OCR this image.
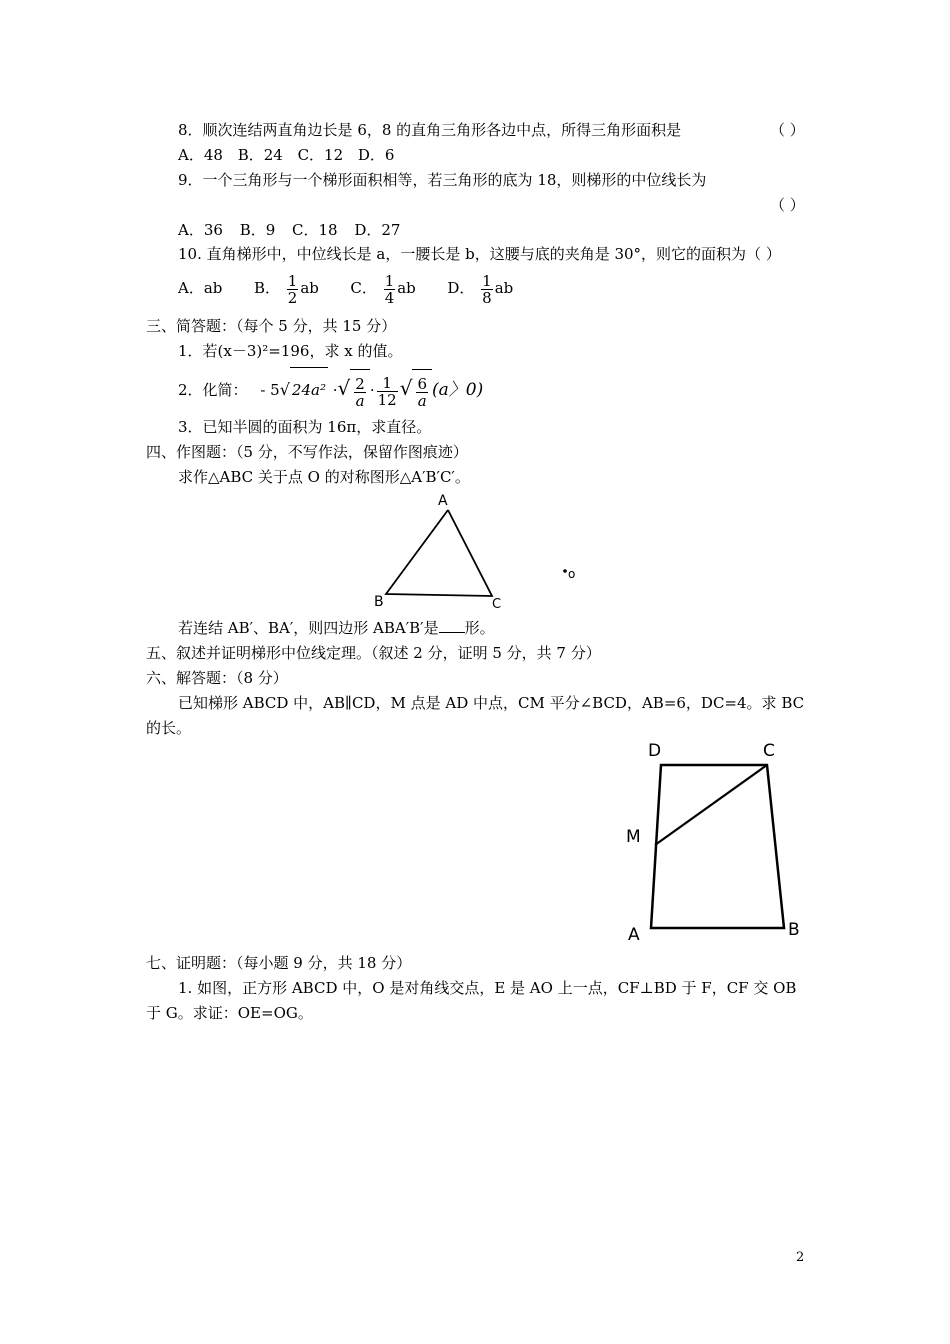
8．顺次连结两直角边长是 6，8 的直角三角形各边中点，所得三角形面积是	（ ）
A．48 B．24 C．12 D．6
9．一个三角形与一个梯形面积相等，若三角形的底为 18，则梯形的中位线长为
（ ）
A．36 B．9 C．18 D．27
10. 直角梯形中，中位线长是 a，一腰长是 b，这腰与底的夹角是 30°，则它的面积为（ ）
A．ab B． $\frac{1}{2}$ ab C． $\frac{1}{4}$ ab D． $\frac{1}{8}$ ab
三、简答题：（每个 5 分，共 15 分）
1．若(x－3)²=196，求 x 的值。
2．化简： - 5√ 24a² ·√ $\frac{2}{a} \cdot \frac{1}{12}$ √ $\frac{6}{a} (a$〉0)
3．已知半圆的面积为 16π，求直径。
四、作图题：（5 分，不写作法，保留作图痕迹）
求作△ABC 关于点 O 的对称图形△A′B′C′。
A
B	C
o
若连结 AB′、BA′，则四边形 ABA′B′是 形。
五、叙述并证明梯形中位线定理。（叙述 2 分，证明 5 分，共 7 分）
六、解答题：（8 分）
已知梯形 ABCD 中，AB∥CD，M 点是 AD 中点，CM 平分∠BCD，AB=6，DC=4。求 BC
的长。
D	C
M
A	B
七、证明题：（每小题 9 分，共 18 分）
1. 如图，正方形 ABCD 中，O 是对角线交点，E 是 AO 上一点，CF⊥BD 于 F，CF 交 OB
于 G。求证：OE=OG。
2
